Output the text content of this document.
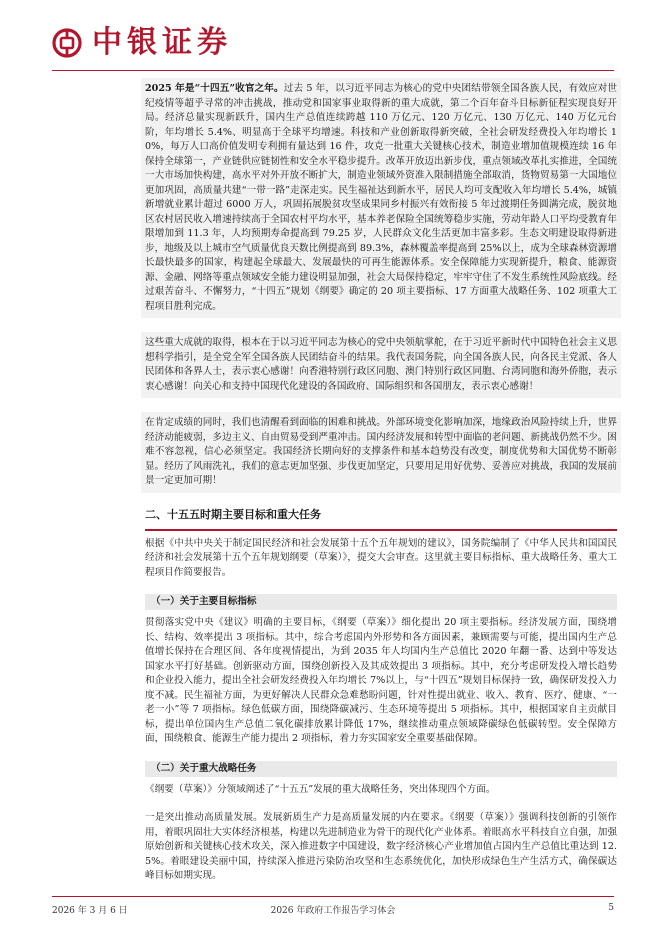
中银证券

2025 年是“十四五”收官之年。过去 5 年，以习近平同志为核心的党中央团结带领全国各族人民，有效应对世纪疫情等超乎寻常的冲击挑战，推动党和国家事业取得新的重大成就，第二个百年奋斗目标新征程实现良好开局。经济总量实现新跃升，国内生产总值连续跨越 110 万亿元、120 万亿元、130 万亿元、140 万亿元台阶，年均增长 5.4%、明显高于全球平均增速。科技和产业创新取得新突破，全社会研发经费投入年均增长 10%，每万人口高价值发明专利拥有量达到 16 件，攻克一批重大关键核心技术，制造业增加值规模连续 16 年保持全球第一，产业链供应链韧性和安全水平稳步提升。改革开放迈出新步伐，重点领域改革扎实推进，全国统一大市场加快构建，高水平对外开放不断扩大，制造业领域外资准入限制措施全部取消，货物贸易第一大国地位更加巩固，高质量共建“一带一路”走深走实。民生福祉达到新水平，居民人均可支配收入年均增长 5.4%，城镇新增就业累计超过 6000 万人，巩固拓展脱贫攻坚成果同乡村振兴有效衔接 5 年过渡期任务圆满完成，脱贫地区农村居民收入增速持续高于全国农村平均水平，基本养老保险全国统筹稳步实施，劳动年龄人口平均受教育年限增加到 11.3 年，人均预期寿命提高到 79.25 岁，人民群众文化生活更加丰富多彩。生态文明建设取得新进步，地级及以上城市空气质量优良天数比例提高到 89.3%，森林覆盖率提高到 25%以上，成为全球森林资源增长最快最多的国家，构建起全球最大、发展最快的可再生能源体系。安全保障能力实现新提升，粮食、能源资源、金融、网络等重点领域安全能力建设明显加强，社会大局保持稳定，牢牢守住了不发生系统性风险底线。经过艰苦奋斗、不懈努力，“十四五”规划《纲要》确定的 20 项主要指标、17 方面重大战略任务、102 项重大工程项目胜利完成。

这些重大成就的取得，根本在于以习近平同志为核心的党中央领航掌舵，在于习近平新时代中国特色社会主义思想科学指引，是全党全军全国各族人民团结奋斗的结果。我代表国务院，向全国各族人民，向各民主党派、各人民团体和各界人士，表示衷心感谢！向香港特别行政区同胞、澳门特别行政区同胞、台湾同胞和海外侨胞，表示衷心感谢！向关心和支持中国现代化建设的各国政府、国际组织和各国朋友，表示衷心感谢！

在肯定成绩的同时，我们也清醒看到面临的困难和挑战。外部环境变化影响加深，地缘政治风险持续上升，世界经济动能疲弱，多边主义、自由贸易受到严重冲击。国内经济发展和转型中面临的老问题、新挑战仍然不少。困难不容忽视，信心必须坚定。我国经济长期向好的支撑条件和基本趋势没有改变，制度优势和大国优势不断彰显。经历了风雨洗礼，我们的意志更加坚强、步伐更加坚定，只要用足用好优势、妥善应对挑战，我国的发展前景一定更加可期！

二、十五五时期主要目标和重大任务

根据《中共中央关于制定国民经济和社会发展第十五个五年规划的建议》，国务院编制了《中华人民共和国国民经济和社会发展第十五个五年规划纲要（草案）》，提交大会审查。这里就主要目标指标、重大战略任务、重大工程项目作简要报告。

（一）关于主要目标指标

贯彻落实党中央《建议》明确的主要目标，《纲要（草案）》细化提出 20 项主要指标。经济发展方面，围绕增长、结构、效率提出 3 项指标。其中，综合考虑国内外形势和各方面因素，兼顾需要与可能，提出国内生产总值增长保持在合理区间、各年度视情提出，为到 2035 年人均国内生产总值比 2020 年翻一番、达到中等发达国家水平打好基础。创新驱动方面，围绕创新投入及其成效提出 3 项指标。其中，充分考虑研发投入增长趋势和企业投入能力，提出全社会研发经费投入年均增长 7%以上，与“十四五”规划目标保持一致，确保研发投入力度不减。民生福祉方面，为更好解决人民群众急难愁盼问题，针对性提出就业、收入、教育、医疗、健康、“一老一小”等 7 项指标。绿色低碳方面，围绕降碳减污、生态环境等提出 5 项指标。其中，根据国家自主贡献目标，提出单位国内生产总值二氧化碳排放累计降低 17%，继续推动重点领域降碳绿色低碳转型。安全保障方面，围绕粮食、能源生产能力提出 2 项指标，着力夯实国家安全重要基础保障。

（二）关于重大战略任务

《纲要（草案）》分领域阐述了“十五五”发展的重大战略任务，突出体现四个方面。

一是突出推动高质量发展。发展新质生产力是高质量发展的内在要求。《纲要（草案）》强调科技创新的引领作用，着眼巩固壮大实体经济根基，构建以先进制造业为骨干的现代化产业体系。着眼高水平科技自立自强，加强原始创新和关键核心技术攻关，深入推进数字中国建设，数字经济核心产业增加值占国内生产总值比重达到 12.5%。着眼建设美丽中国，持续深入推进污染防治攻坚和生态系统优化，加快形成绿色生产生活方式，确保碳达峰目标如期实现。

2026 年 3 月 6 日	2026 年政府工作报告学习体会	5
